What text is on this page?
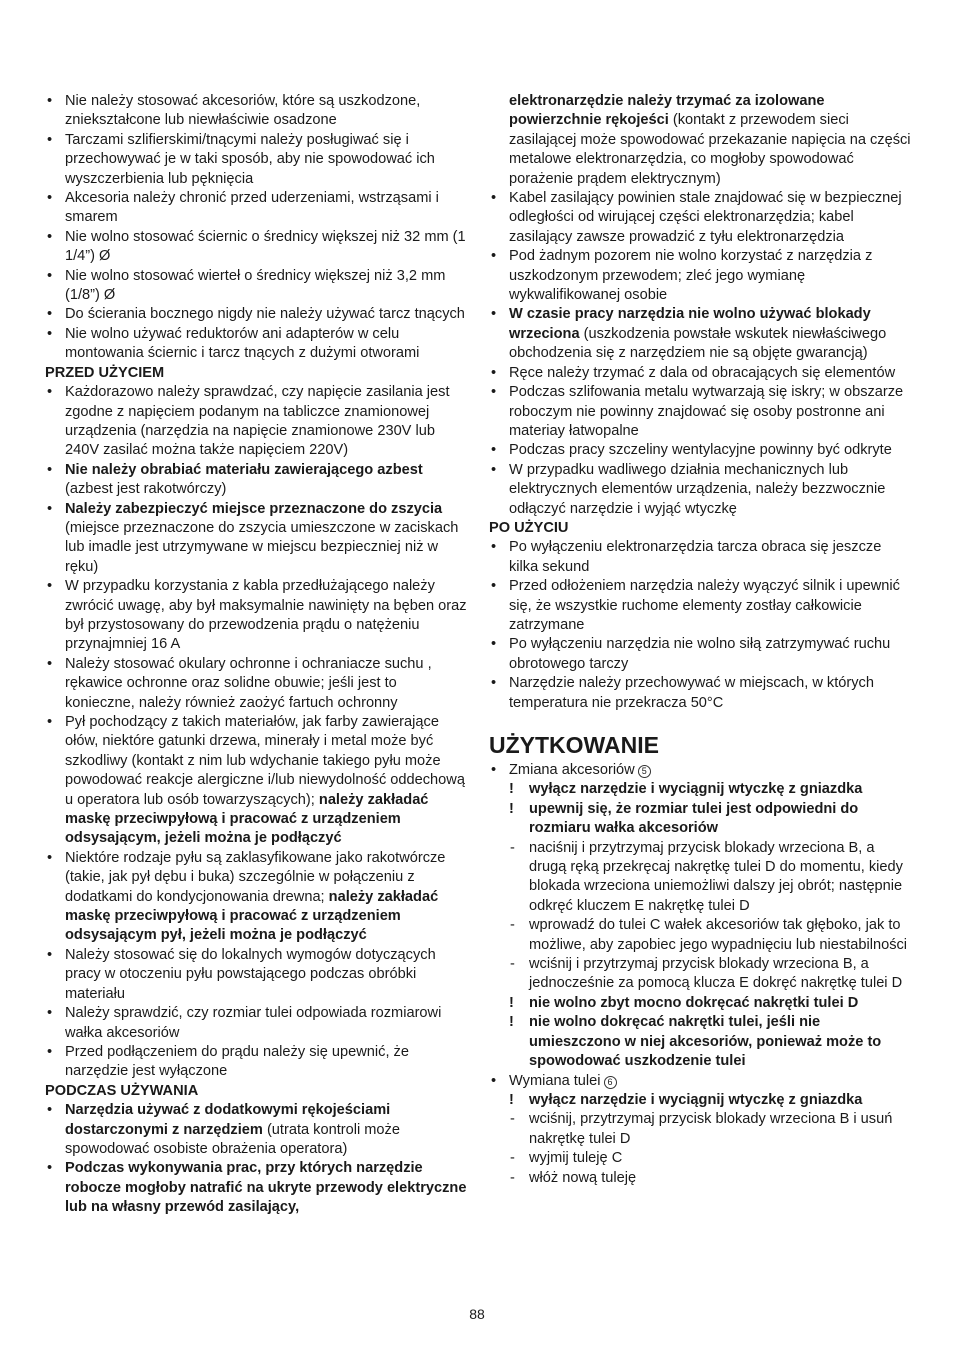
• Nie należy stosować akcesoriów, które są uszkodzone, zniekształcone lub niewłaściwie osadzone
• Tarczami szlifierskimi/tnącymi należy posługiwać się i przechowywać je w taki sposób, aby nie spowodować ich wyszczerbienia lub pęknięcia
• Akcesoria należy chronić przed uderzeniami, wstrząsami i smarem
• Nie wolno stosować ściernic o średnicy większej niż 32 mm (1 1/4”) Ø
• Nie wolno stosować wierteł o średnicy większej niż 3,2 mm (1/8”) Ø
• Do ścierania bocznego nigdy nie należy używać tarcz tnących
• Nie wolno używać reduktorów ani adapterów w celu montowania ściernic i tarcz tnących z dużymi otworami
PRZED UŻYCIEM
• Każdorazowo należy sprawdzać, czy napięcie zasilania jest zgodne z napięciem podanym na tabliczce znamionowej urządzenia (narzędzia na napięcie znamionowe 230V lub 240V zasilać można także napięciem 220V)
• Nie należy obrabiać materiału zawierającego azbest (azbest jest rakotwórczy)
• Należy zabezpieczyć miejsce przeznaczone do zszycia (miejsce przeznaczone do zszycia umieszczone w zaciskach lub imadle jest utrzymywane w miejscu bezpieczniej niż w ręku)
• W przypadku korzystania z kabla przedłużającego należy zwrócić uwagę, aby był maksymalnie nawinięty na bęben oraz był przystosowany do przewodzenia prądu o natężeniu przynajmniej 16 A
• Należy stosować okulary ochronne i ochraniacze suchu , rękawice ochronne oraz solidne obuwie; jeśli jest to konieczne, należy również zaożyć fartuch ochronny
• Pył pochodzący z takich materiałów, jak farby zawierające ołów, niektóre gatunki drzewa, minerały i metal może być szkodliwy (kontakt z nim lub wdychanie takiego pyłu może powodować reakcje alergiczne i/lub niewydolność oddechową u operatora lub osób towarzyszących); należy zakładać maskę przeciwpyłową i pracować z urządzeniem odsysającym, jeżeli można je podłączyć
• Niektóre rodzaje pyłu są zaklasyfikowane jako rakotwórcze (takie, jak pył dębu i buka) szczególnie w połączeniu z dodatkami do kondycjonowania drewna; należy zakładać maskę przeciwpyłową i pracować z urządzeniem odsysającym pył, jeżeli można je podłączyć
• Należy stosować się do lokalnych wymogów dotyczących pracy w otoczeniu pyłu powstającego podczas obróbki materiału
• Należy sprawdzić, czy rozmiar tulei odpowiada rozmiarowi wałka akcesoriów
• Przed podłączeniem do prądu należy się upewnić, że narzędzie jest wyłączone
PODCZAS UŻYWANIA
• Narzędzia używać z dodatkowymi rękojeściami dostarczonymi z narzędziem (utrata kontroli może spowodować osobiste obrażenia operatora)
• Podczas wykonywania prac, przy których narzędzie robocze mogłoby natrafić na ukryte przewody elektryczne lub na własny przewód zasilający,
elektronarzędzie należy trzymać za izolowane powierzchnie rękojeści (kontakt z przewodem sieci zasilającej może spowodować przekazanie napięcia na części metalowe elektronarzędzia, co mogłoby spowodować porażenie prądem elektrycznym)
• Kabel zasilający powinien stale znajdować się w bezpiecznej odległości od wirującej części elektronarzędzia; kabel zasilający zawsze prowadzić z tyłu elektronarzędzia
• Pod żadnym pozorem nie wolno korzystać z narzędzia z uszkodzonym przewodem; zleć jego wymianę wykwalifikowanej osobie
• W czasie pracy narzędzia nie wolno używać blokady wrzeciona (uszkodzenia powstałe wskutek niewłaściwego obchodzenia się z narzędziem nie są objęte gwarancją)
• Ręce należy trzymać z dala od obracających się elementów
• Podczas szlifowania metalu wytwarzają się iskry; w obszarze roboczym nie powinny znajdować się osoby postronne ani materiay łatwopalne
• Podczas pracy szczeliny wentylacyjne powinny być odkryte
• W przypadku wadliwego działnia mechanicznych lub elektrycznych elementów urządzenia, należy bezzwocznie odłączyć narzędzie i wyjąć wtyczkę
PO UŻYCIU
• Po wyłączeniu elektronarzędzia tarcza obraca się jeszcze kilka sekund
• Przed odłożeniem narzędzia należy wyączyć silnik i upewnić się, że wszystkie ruchome elementy zostłay całkowicie zatrzymane
• Po wyłączeniu narzędzia nie wolno siłą zatrzymywać ruchu obrotowego tarczy
• Narzędzie należy przechowywać w miejscach, w których temperatura nie przekracza 50°C
UŻYTKOWANIE
• Zmiana akcesoriów 5
! wyłącz narzędzie i wyciągnij wtyczkę z gniazdka
! upewnij się, że rozmiar tulei jest odpowiedni do rozmiaru wałka akcesoriów
- naciśnij i przytrzymaj przycisk blokady wrzeciona B, a drugą ręką przekręcaj nakrętkę tulei D do momentu, kiedy blokada wrzeciona uniemożliwi dalszy jej obrót; następnie odkręć kluczem E nakrętkę tulei D
- wprowadź do tulei C wałek akcesoriów tak głęboko, jak to możliwe, aby zapobiec jego wypadnięciu lub niestabilności
- wciśnij i przytrzymaj przycisk blokady wrzeciona B, a jednocześnie za pomocą klucza E dokręć nakrętkę tulei D
! nie wolno zbyt mocno dokręcać nakrętki tulei D
! nie wolno dokręcać nakrętki tulei, jeśli nie umieszczono w niej akcesoriów, ponieważ może to spowodować uszkodzenie tulei
• Wymiana tulei 6
! wyłącz narzędzie i wyciągnij wtyczkę z gniazdka
- wciśnij, przytrzymaj przycisk blokady wrzeciona B i usuń nakrętkę tulei D
- wyjmij tuleję C
- włóż nową tuleję
88
